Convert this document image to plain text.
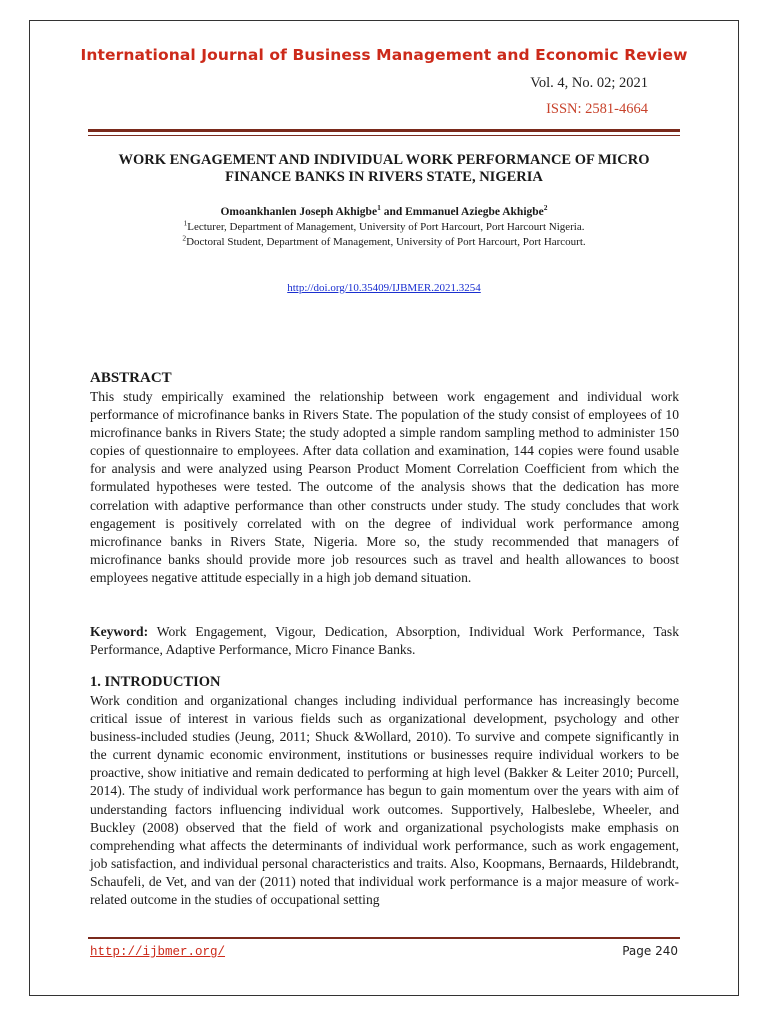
International Journal of Business Management and Economic Review
Vol. 4, No. 02; 2021
ISSN: 2581-4664
WORK ENGAGEMENT AND INDIVIDUAL WORK PERFORMANCE OF MICRO
FINANCE BANKS IN RIVERS STATE, NIGERIA
Omoankhanlen Joseph Akhigbe$^1$ and Emmanuel Aziegbe Akhigbe$^2$
$^1$Lecturer, Department of Management, University of Port Harcourt, Port Harcourt Nigeria.
$^2$Doctoral Student, Department of Management, University of Port Harcourt, Port Harcourt.
http://doi.org/10.35409/IJBMER.2021.3254
ABSTRACT
This study empirically examined the relationship between work engagement and individual work performance of microfinance banks in Rivers State. The population of the study consist of employees of 10 microfinance banks in Rivers State; the study adopted a simple random sampling method to administer 150 copies of questionnaire to employees. After data collation and examination, 144 copies were found usable for analysis and were analyzed using Pearson Product Moment Correlation Coefficient from which the formulated hypotheses were tested. The outcome of the analysis shows that the dedication has more correlation with adaptive performance than other constructs under study. The study concludes that work engagement is positively correlated with on the degree of individual work performance among microfinance banks in Rivers State, Nigeria. More so, the study recommended that managers of microfinance banks should provide more job resources such as travel and health allowances to boost employees negative attitude especially in a high job demand situation.
Keyword: Work Engagement, Vigour, Dedication, Absorption, Individual Work Performance, Task Performance, Adaptive Performance, Micro Finance Banks.
1. INTRODUCTION
Work condition and organizational changes including individual performance has increasingly become critical issue of interest in various fields such as organizational development, psychology and other business-included studies (Jeung, 2011; Shuck &Wollard, 2010). To survive and compete significantly in the current dynamic economic environment, institutions or businesses require individual workers to be proactive, show initiative and remain dedicated to performing at high level (Bakker & Leiter 2010; Purcell, 2014). The study of individual work performance has begun to gain momentum over the years with aim of understanding factors influencing individual work outcomes. Supportively, Halbeslebe, Wheeler, and Buckley (2008) observed that the field of work and organizational psychologists make emphasis on comprehending what affects the determinants of individual work performance, such as work engagement, job satisfaction, and individual personal characteristics and traits. Also, Koopmans, Bernaards, Hildebrandt, Schaufeli, de Vet, and van der (2011) noted that individual work performance is a major measure of work-related outcome in the studies of occupational setting
http://ijbmer.org/	Page 240
